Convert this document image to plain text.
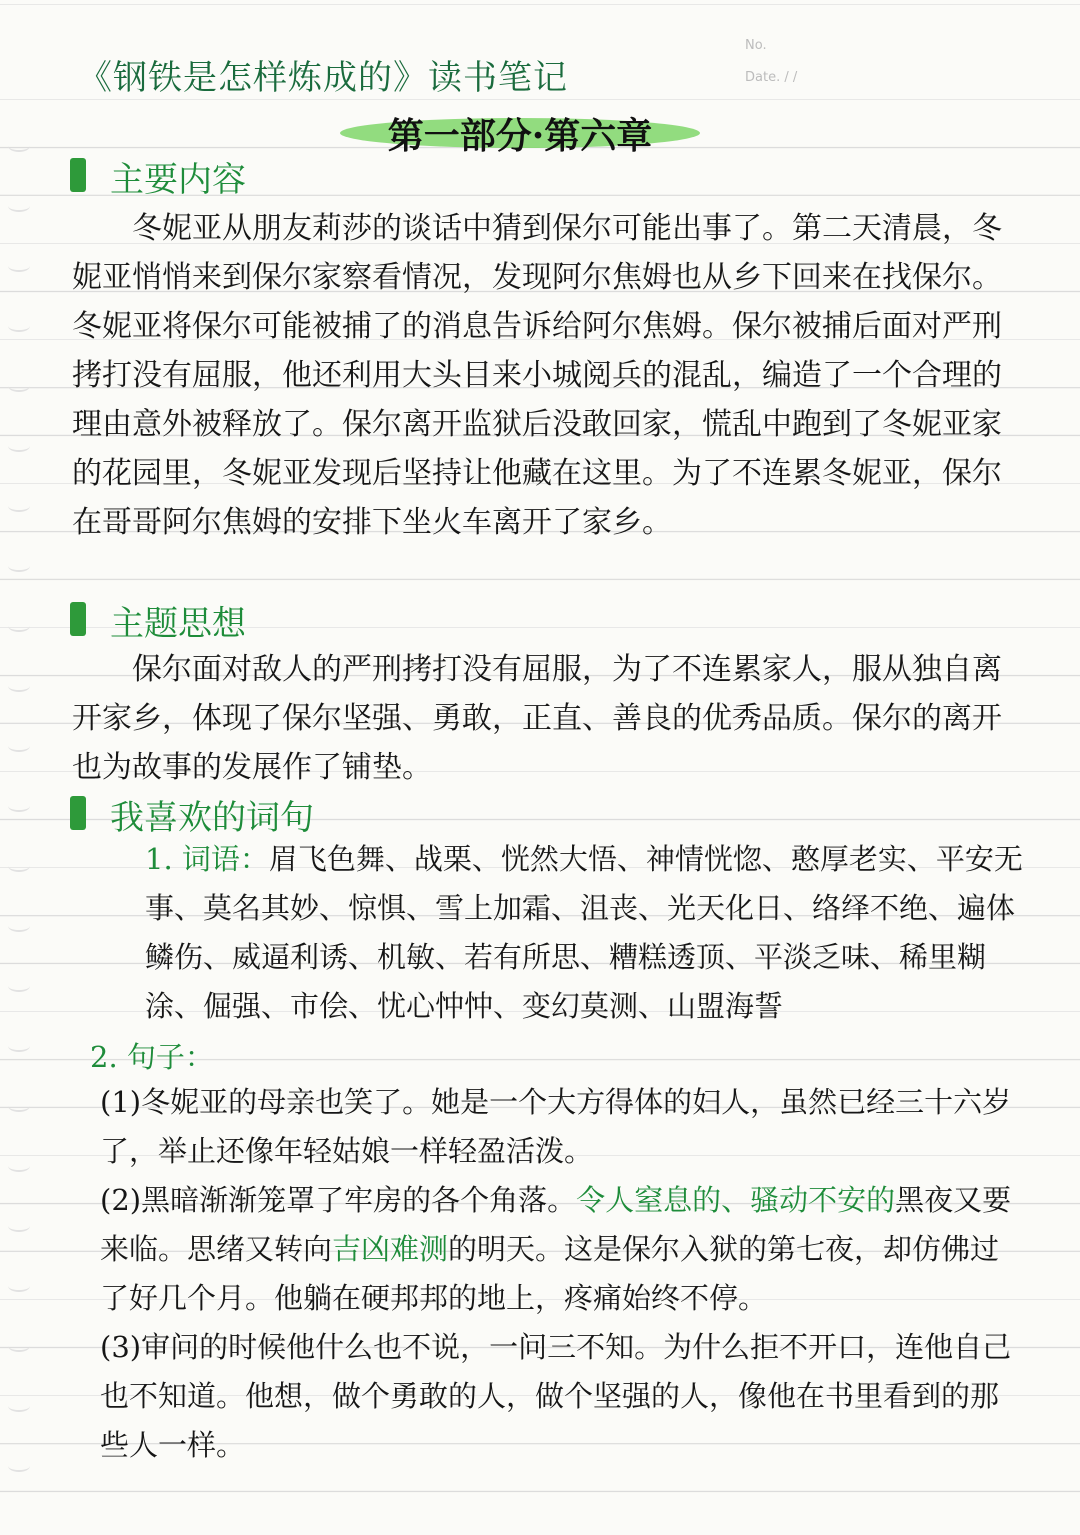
No.
Date. / /
《钢铁是怎样炼成的》读书笔记
第一部分·第六章
主要内容
冬妮亚从朋友莉莎的谈话中猜到保尔可能出事了。第二天清晨，冬妮亚悄悄来到保尔家察看情况，发现阿尔焦姆也从乡下回来在找保尔。冬妮亚将保尔可能被捕了的消息告诉给阿尔焦姆。保尔被捕后面对严刑拷打没有屈服，他还利用大头目来小城阅兵的混乱，编造了一个合理的理由意外被释放了。保尔离开监狱后没敢回家，慌乱中跑到了冬妮亚家的花园里，冬妮亚发现后坚持让他藏在这里。为了不连累冬妮亚，保尔在哥哥阿尔焦姆的安排下坐火车离开了家乡。
主题思想
保尔面对敌人的严刑拷打没有屈服，为了不连累家人，服从独自离开家乡，体现了保尔坚强、勇敢，正直、善良的优秀品质。保尔的离开也为故事的发展作了铺垫。
我喜欢的词句
1. 词语：眉飞色舞、战栗、恍然大悟、神情恍惚、憨厚老实、平安无事、莫名其妙、惊惧、雪上加霜、沮丧、光天化日、络绎不绝、遍体鳞伤、威逼利诱、机敏、若有所思、糟糕透顶、平淡乏味、稀里糊涂、倔强、市侩、忧心忡忡、变幻莫测、山盟海誓
2. 句子：
(1)冬妮亚的母亲也笑了。她是一个大方得体的妇人，虽然已经三十六岁了，举止还像年轻姑娘一样轻盈活泼。
(2)黑暗渐渐笼罩了牢房的各个角落。令人窒息的、骚动不安的黑夜又要来临。思绪又转向吉凶难测的明天。这是保尔入狱的第七夜，却仿佛过了好几个月。他躺在硬邦邦的地上，疼痛始终不停。
(3)审问的时候他什么也不说，一问三不知。为什么拒不开口，连他自己也不知道。他想，做个勇敢的人，做个坚强的人，像他在书里看到的那些人一样。
